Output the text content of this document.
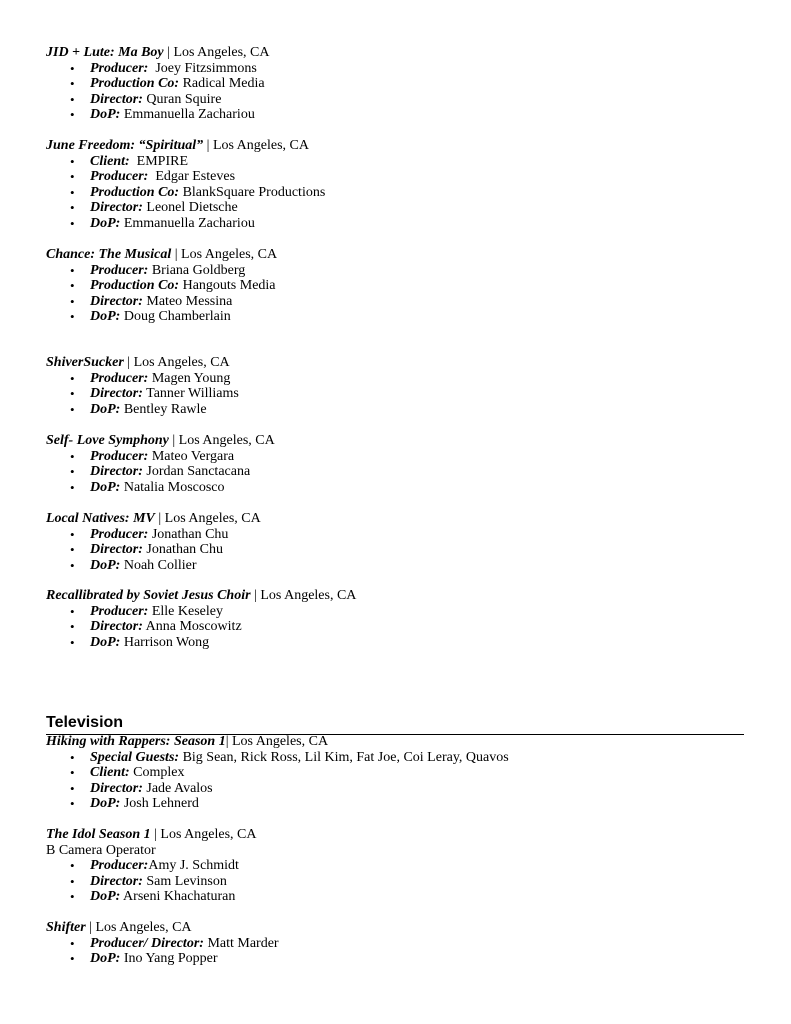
JID + Lute: Ma Boy | Los Angeles, CA
• Producer:  Joey Fitzsimmons
• Production Co: Radical Media
• Director: Quran Squire
• DoP: Emmanuella Zachariou
June Freedom: “Spiritual” | Los Angeles, CA
• Client:  EMPIRE
• Producer:  Edgar Esteves
• Production Co: BlankSquare Productions
• Director: Leonel Dietsche
• DoP: Emmanuella Zachariou
Chance: The Musical | Los Angeles, CA
• Producer: Briana Goldberg
• Production Co: Hangouts Media
• Director: Mateo Messina
• DoP: Doug Chamberlain
ShiverSucker | Los Angeles, CA
• Producer: Magen Young
• Director: Tanner Williams
• DoP: Bentley Rawle
Self- Love Symphony | Los Angeles, CA
• Producer: Mateo Vergara
• Director: Jordan Sanctacana
• DoP: Natalia Moscosco
Local Natives: MV | Los Angeles, CA
• Producer: Jonathan Chu
• Director: Jonathan Chu
• DoP: Noah Collier
Recallibrated by Soviet Jesus Choir | Los Angeles, CA
• Producer: Elle Keseley
• Director: Anna Moscowitz
• DoP: Harrison Wong
Television
Hiking with Rappers: Season 1| Los Angeles, CA
• Special Guests: Big Sean, Rick Ross, Lil Kim, Fat Joe, Coi Leray, Quavos
• Client: Complex
• Director: Jade Avalos
• DoP: Josh Lehnerd
The Idol Season 1 | Los Angeles, CA
B Camera Operator
• Producer:Amy J. Schmidt
• Director: Sam Levinson
• DoP: Arseni Khachaturan
Shifter | Los Angeles, CA
• Producer/ Director: Matt Marder
• DoP: Ino Yang Popper
